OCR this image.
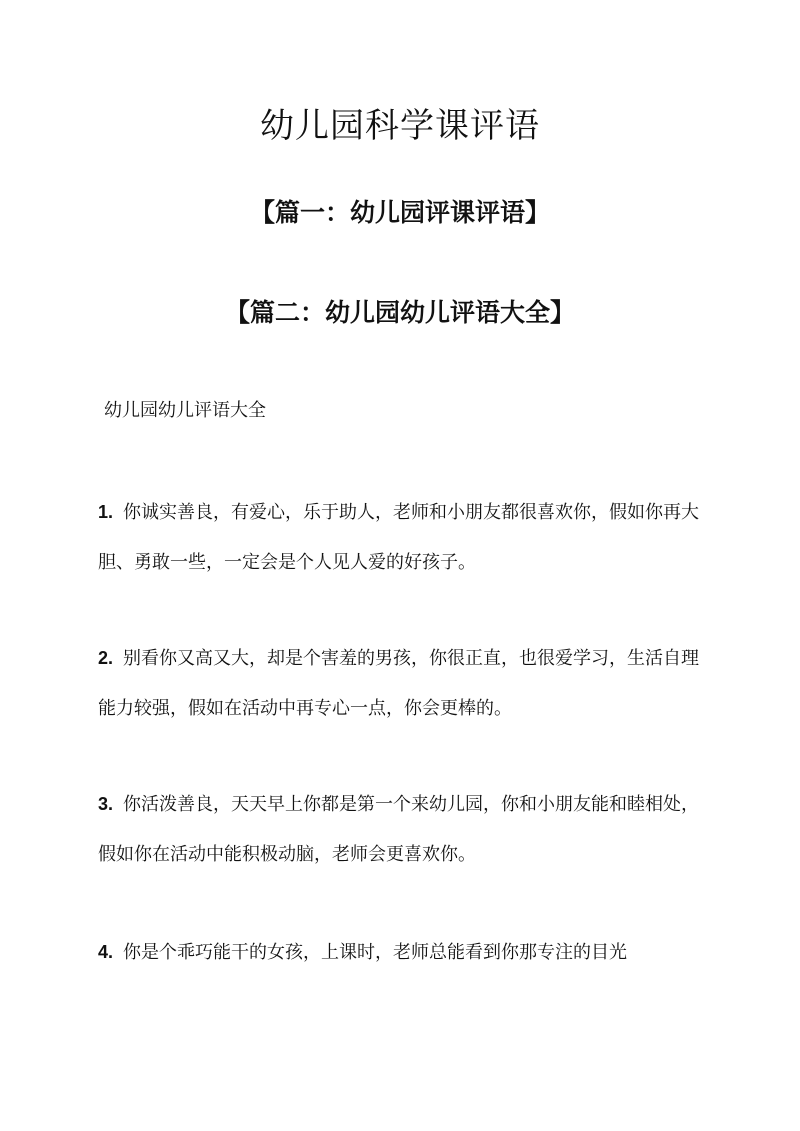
幼儿园科学课评语
【篇一：幼儿园评课评语】
【篇二：幼儿园幼儿评语大全】

幼儿园幼儿评语大全

1. 你诚实善良，有爱心，乐于助人，老师和小朋友都很喜欢你，假如你再大胆、勇敢一些，一定会是个人见人爱的好孩子。

2. 别看你又高又大，却是个害羞的男孩，你很正直，也很爱学习，生活自理能力较强，假如在活动中再专心一点，你会更棒的。

3. 你活泼善良，天天早上你都是第一个来幼儿园，你和小朋友能和睦相处，假如你在活动中能积极动脑，老师会更喜欢你。

4. 你是个乖巧能干的女孩，上课时，老师总能看到你那专注的目光
